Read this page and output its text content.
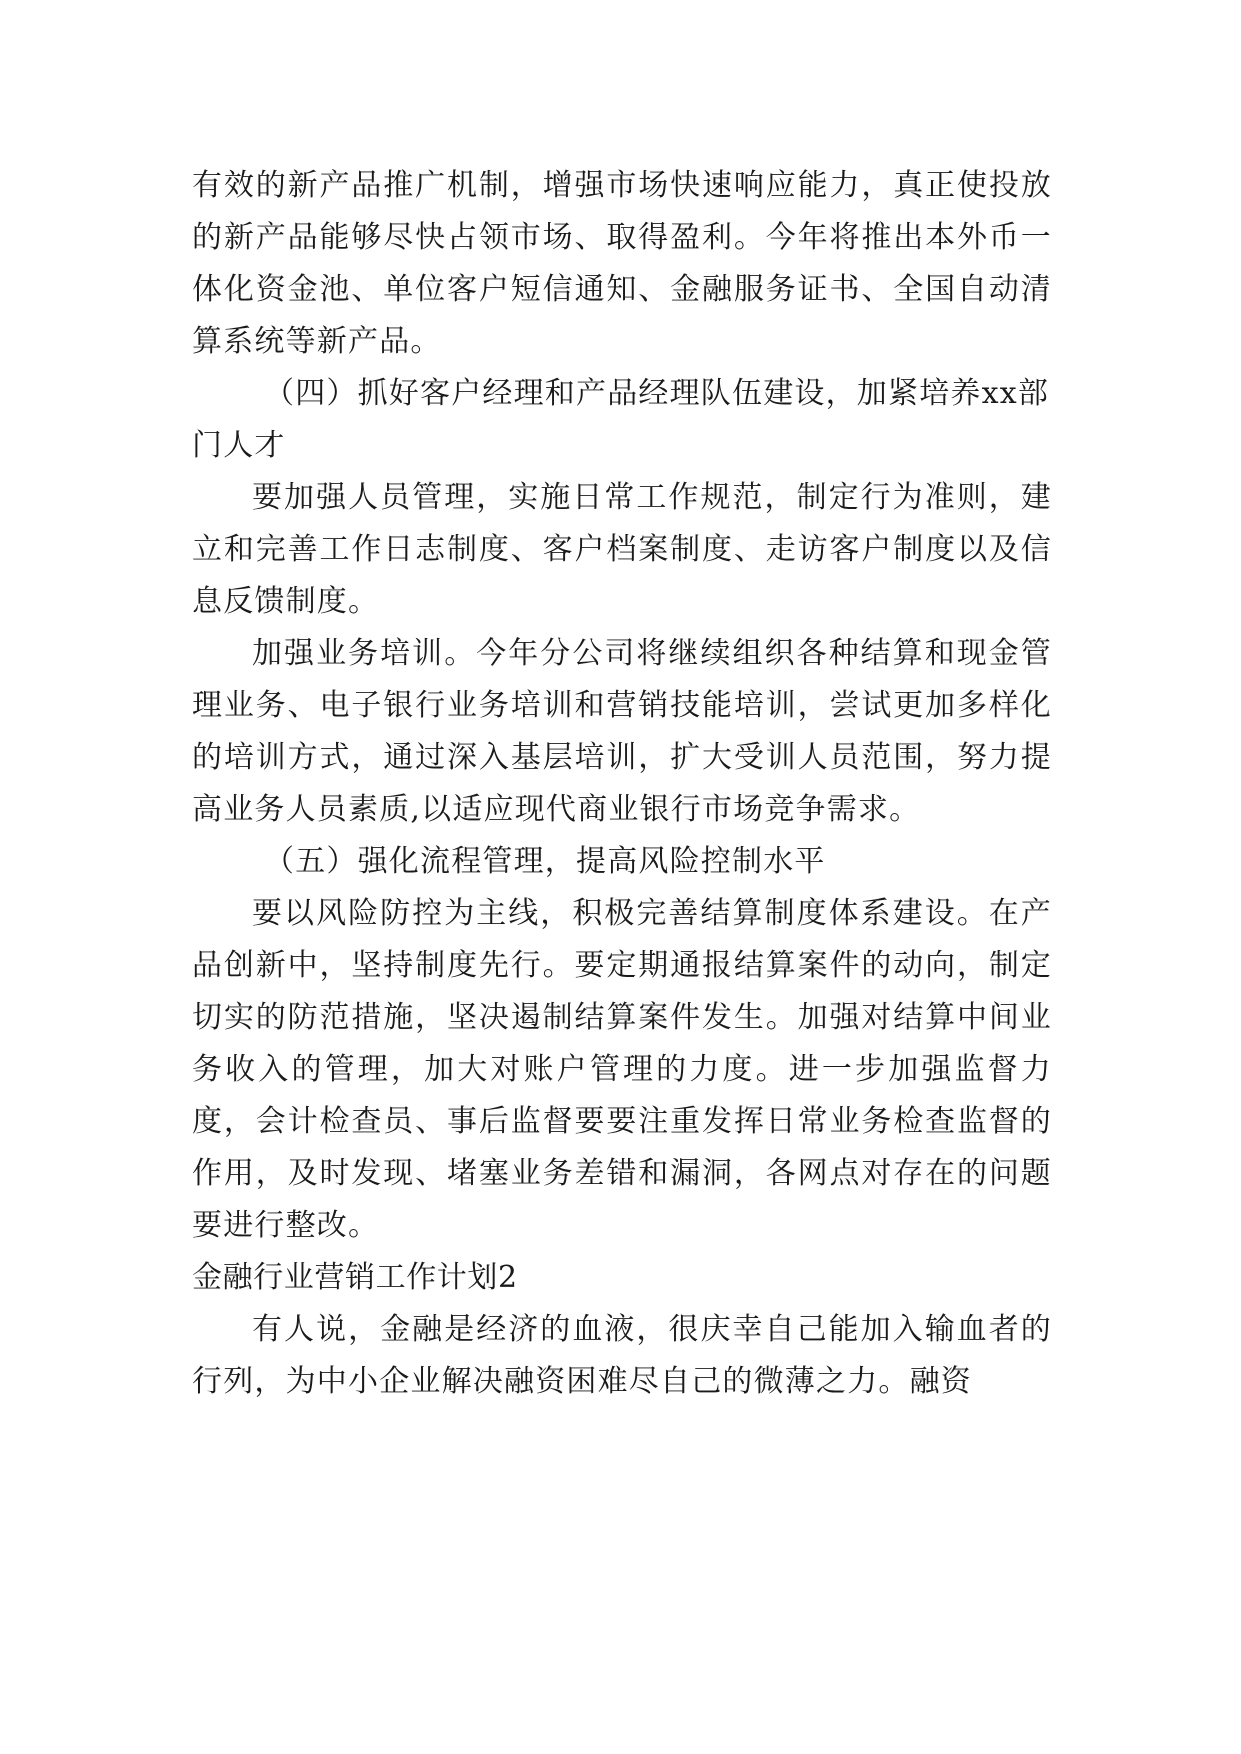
有效的新产品推广机制，增强市场快速响应能力，真正使投放的新产品能够尽快占领市场、取得盈利。今年将推出本外币一体化资金池、单位客户短信通知、金融服务证书、全国自动清算系统等新产品。

（四）抓好客户经理和产品经理队伍建设，加紧培养xx部门人才

要加强人员管理，实施日常工作规范，制定行为准则，建立和完善工作日志制度、客户档案制度、走访客户制度以及信息反馈制度。

加强业务培训。今年分公司将继续组织各种结算和现金管理业务、电子银行业务培训和营销技能培训，尝试更加多样化的培训方式，通过深入基层培训，扩大受训人员范围，努力提高业务人员素质,以适应现代商业银行市场竞争需求。

（五）强化流程管理，提高风险控制水平

要以风险防控为主线，积极完善结算制度体系建设。在产品创新中，坚持制度先行。要定期通报结算案件的动向，制定切实的防范措施，坚决遏制结算案件发生。加强对结算中间业务收入的管理，加大对账户管理的力度。进一步加强监督力度，会计检查员、事后监督要要注重发挥日常业务检查监督的作用，及时发现、堵塞业务差错和漏洞，各网点对存在的问题要进行整改。

金融行业营销工作计划2

有人说，金融是经济的血液，很庆幸自己能加入输血者的行列，为中小企业解决融资困难尽自己的微薄之力。融资
